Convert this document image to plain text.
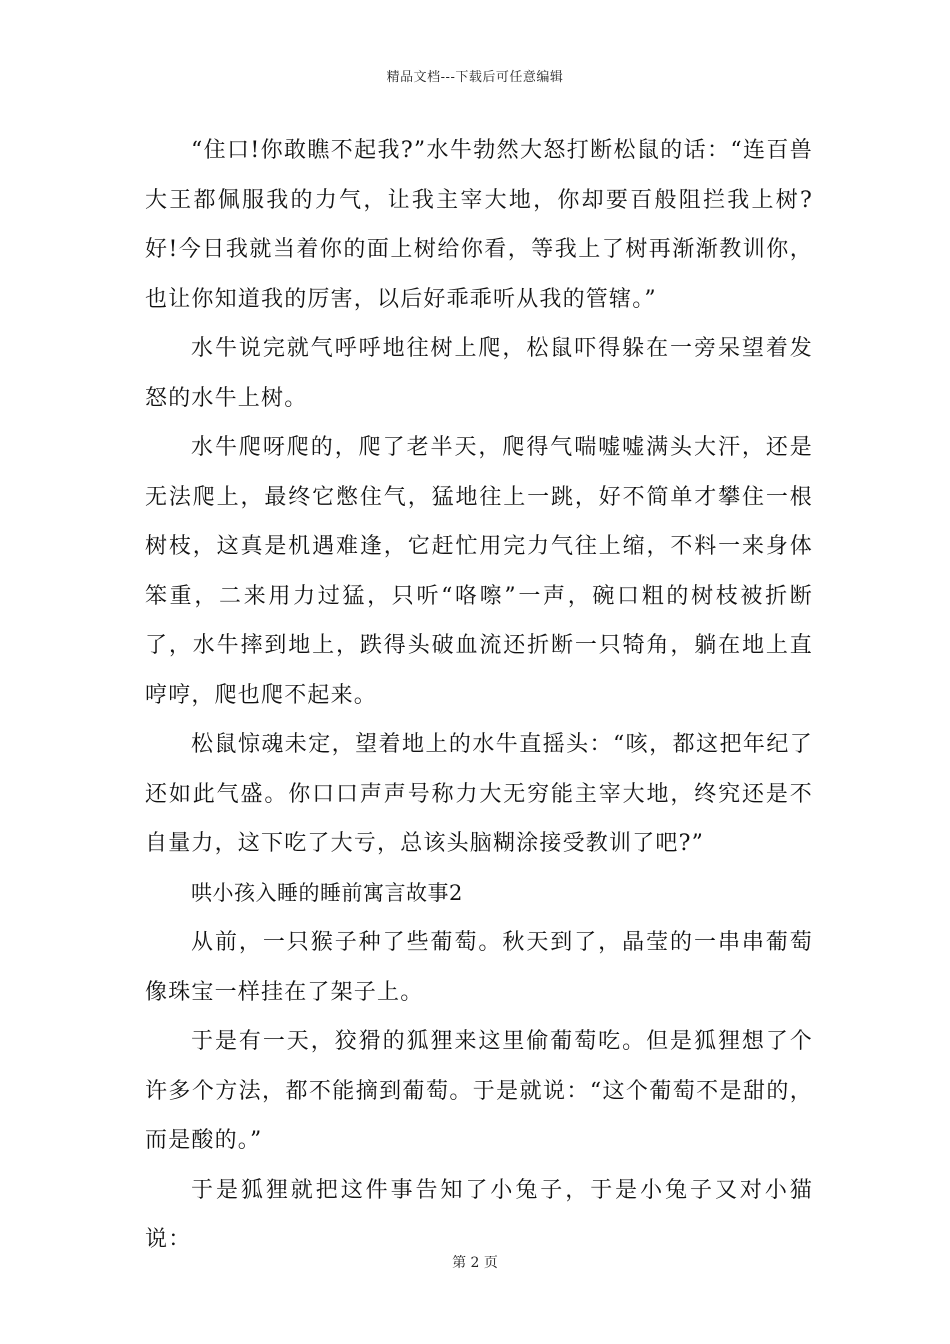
精品文档---下载后可任意编辑

“住口!你敢瞧不起我?”水牛勃然大怒打断松鼠的话：“连百兽大王都佩服我的力气，让我主宰大地，你却要百般阻拦我上树?好!今日我就当着你的面上树给你看，等我上了树再渐渐教训你，也让你知道我的厉害，以后好乖乖听从我的管辖。”

水牛说完就气呼呼地往树上爬，松鼠吓得躲在一旁呆望着发怒的水牛上树。

水牛爬呀爬的，爬了老半天，爬得气喘嘘嘘满头大汗，还是无法爬上，最终它憋住气，猛地往上一跳，好不简单才攀住一根树枝，这真是机遇难逢，它赶忙用完力气往上缩，不料一来身体笨重，二来用力过猛，只听“咯嚓”一声，碗口粗的树枝被折断了，水牛摔到地上，跌得头破血流还折断一只犄角，躺在地上直哼哼，爬也爬不起来。

松鼠惊魂未定，望着地上的水牛直摇头：“咳，都这把年纪了还如此气盛。你口口声声号称力大无穷能主宰大地，终究还是不自量力，这下吃了大亏，总该头脑糊涂接受教训了吧?”

哄小孩入睡的睡前寓言故事2

从前，一只猴子种了些葡萄。秋天到了，晶莹的一串串葡萄像珠宝一样挂在了架子上。

于是有一天，狡猾的狐狸来这里偷葡萄吃。但是狐狸想了个许多个方法，都不能摘到葡萄。于是就说：“这个葡萄不是甜的，而是酸的。”

于是狐狸就把这件事告知了小兔子，于是小兔子又对小猫说：

第 2 页
